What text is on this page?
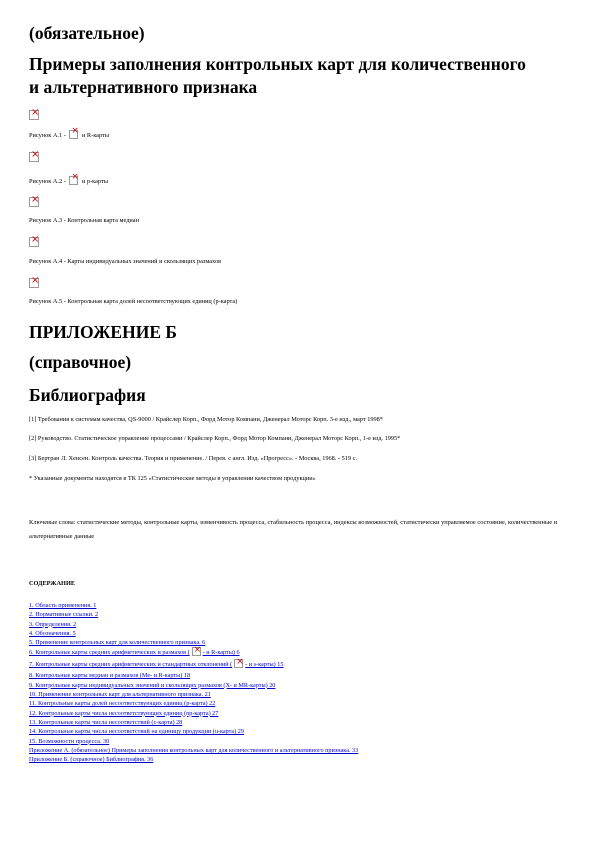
(обязательное)
Примеры заполнения контрольных карт для количественного
и альтернативного признака
×
Рисунок А.1 - × и R-карты
×
Рисунок А.2 - × и p-карты
×
Рисунок А.3 - Контрольная карта медиан
×
Рисунок А.4 - Карты индивидуальных значений и скользящих размахов
×
Рисунок А.5 - Контрольная карта долей несоответствующих единиц (p-карта)
ПРИЛОЖЕНИЕ Б
(справочное)
Библиография
[1] Требования к системам качества, QS-9000 / Крайслер Корп., Форд Мотор Компани, Дженерал Моторс Корп. 3-е изд., март 1998*
[2] Руководство. Статистическое управление процессами / Крайслер Корп., Форд Мотор Компани, Дженерал Моторс Корп., 1-е изд. 1995*
[3] Бертран Л. Хенсен. Контроль качества. Теория и применение. / Перев. с англ. Изд. «Прогресс». - Москва, 1968. - 519 с.
* Указанные документы находятся в ТК 125 «Статистические методы в управлении качеством продукции»
Ключевые слова: статистические методы, контрольные карты, изменчивость процесса, стабильность процесса, индексы возможностей, статистически управляемое состояние, количественные и альтернативные данные
СОДЕРЖАНИЕ
1. Область применения. 1
2. Нормативные ссылки. 2
3. Определения. 2
4. Обозначения. 5
5. Применение контрольных карт для количественного признака. 6
6. Контрольные карты средних арифметических и размахов ( × - и R-карты) 6
7. Контрольные карты средних арифметических и стандартных отклонений ( × - и s-карты) 15
8. Контрольные карты медиан и размахов (Me- и R-карты) 18
9. Контрольные карты индивидуальных значений и скользящих размахов (X- и MR-карты) 20
10. Применение контрольных карт для альтернативного признака. 21
11. Контрольные карты долей несоответствующих единиц (p-карта) 22
12. Контрольные карты числа несоответствующих единиц (np-карта) 27
13. Контрольные карты числа несоответствий (c-карта) 28
14. Контрольные карты числа несоответствий на единицу продукции (u-карта) 29
15. Возможности процесса. 30
Приложение А. (обязательное) Примеры заполнения контрольных карт для количественного и альтернативного признака. 33
Приложение Б. (справочное) Библиография. 36
